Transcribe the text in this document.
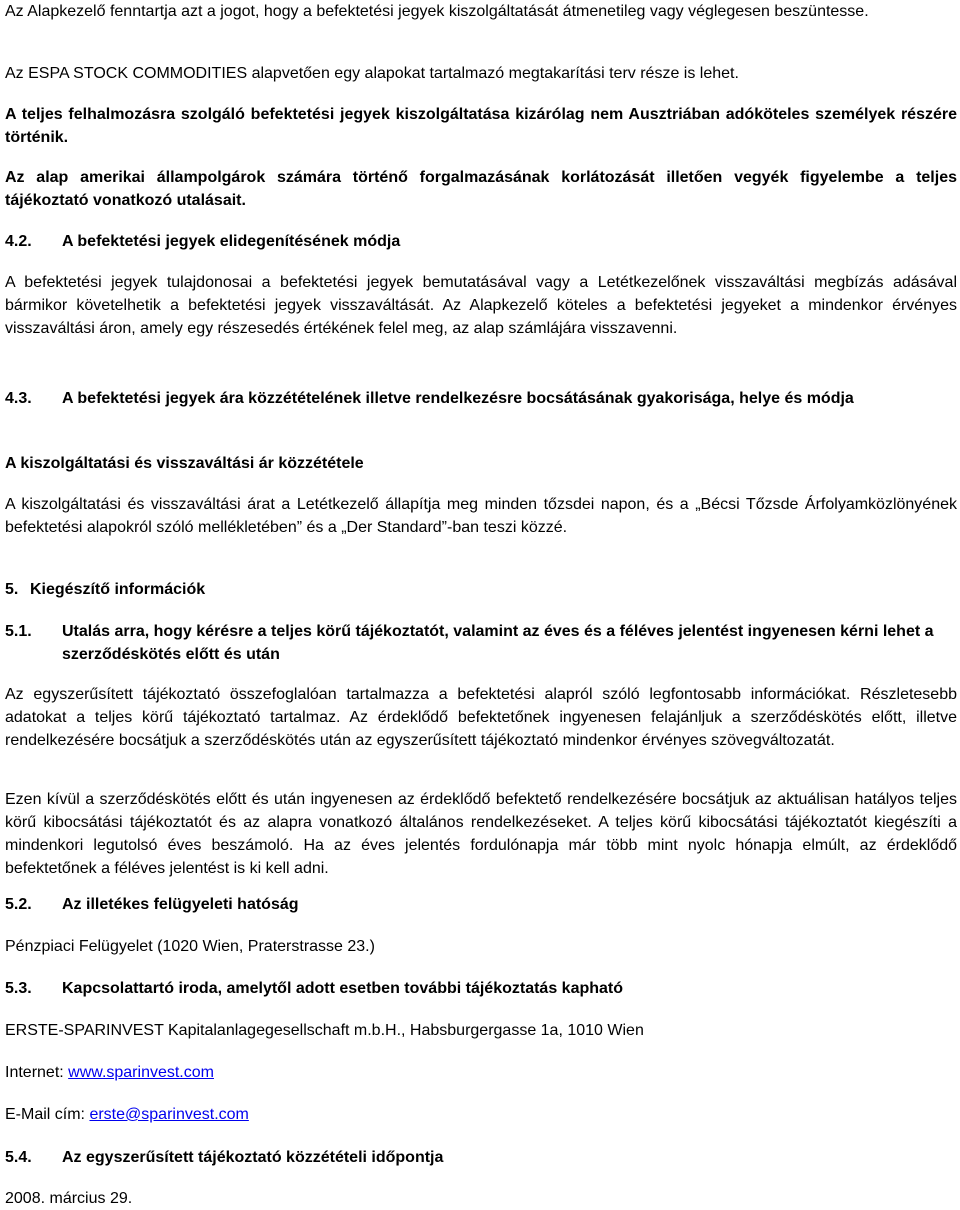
Az Alapkezelő fenntartja azt a jogot, hogy a befektetési jegyek kiszolgáltatását átmenetileg vagy véglegesen beszüntesse.

Az ESPA STOCK COMMODITIES alapvetően egy alapokat tartalmazó megtakarítási terv része is lehet.

A teljes felhalmozásra szolgáló befektetési jegyek kiszolgáltatása kizárólag nem Ausztriában adóköteles személyek részére történik.

Az alap amerikai állampolgárok számára történő forgalmazásának korlátozását illetően vegyék figyelembe a teljes tájékoztató vonatkozó utalásait.

4.2. A befektetési jegyek elidegenítésének módja

A befektetési jegyek tulajdonosai a befektetési jegyek bemutatásával vagy a Letétkezelőnek visszaváltási megbízás adásával bármikor követelhetik a befektetési jegyek visszaváltását. Az Alapkezelő köteles a befektetési jegyeket a mindenkor érvényes visszaváltási áron, amely egy részesedés értékének felel meg, az alap számlájára visszavenni.

4.3. A befektetési jegyek ára közzétételének illetve rendelkezésre bocsátásának gyakorisága, helye és módja

A kiszolgáltatási és visszaváltási ár közzététele

A kiszolgáltatási és visszaváltási árat a Letétkezelő állapítja meg minden tőzsdei napon, és a „Bécsi Tőzsde Árfolyamközlönyének befektetési alapokról szóló mellékletében” és a „Der Standard”-ban teszi közzé.

5. Kiegészítő információk
5.1. Utalás arra, hogy kérésre a teljes körű tájékoztatót, valamint az éves és a féléves jelentést ingyenesen kérni lehet a szerződéskötés előtt és után

Az egyszerűsített tájékoztató összefoglalóan tartalmazza a befektetési alapról szóló legfontosabb információkat. Részletesebb adatokat a teljes körű tájékoztató tartalmaz. Az érdeklődő befektetőnek ingyenesen felajánljuk a szerződéskötés előtt, illetve rendelkezésére bocsátjuk a szerződéskötés után az egyszerűsített tájékoztató mindenkor érvényes szövegváltozatát.

Ezen kívül a szerződéskötés előtt és után ingyenesen az érdeklődő befektető rendelkezésére bocsátjuk az aktuálisan hatályos teljes körű kibocsátási tájékoztatót és az alapra vonatkozó általános rendelkezéseket. A teljes körű kibocsátási tájékoztatót kiegészíti a mindenkori legutolsó éves beszámoló. Ha az éves jelentés fordulónapja már több mint nyolc hónapja elmúlt, az érdeklődő befektetőnek a féléves jelentést is ki kell adni.

5.2. Az illetékes felügyeleti hatóság

Pénzpiaci Felügyelet (1020 Wien, Praterstrasse 23.)

5.3. Kapcsolattartó iroda, amelytől adott esetben további tájékoztatás kapható

ERSTE-SPARINVEST Kapitalanlagegesellschaft m.b.H., Habsburgergasse 1a, 1010 Wien

Internet: www.sparinvest.com

E-Mail cím: erste@sparinvest.com

5.4. Az egyszerűsített tájékoztató közzétételi időpontja

2008. március 29.
